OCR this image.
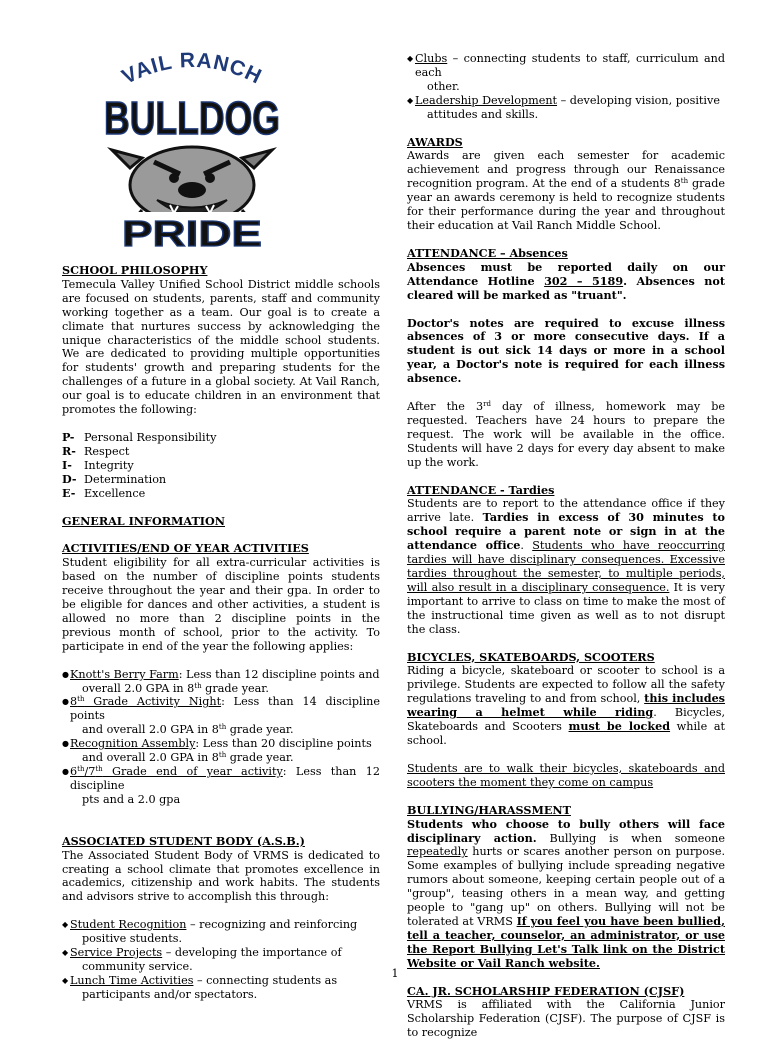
VAIL RANCH
BULLDOG
PRIDE
SCHOOL PHILOSOPHY

Temecula Valley Unified School District middle schools are focused on students, parents, staff and community working together as a team. Our goal is to create a climate that nurtures success by acknowledging the unique characteristics of the middle school students. We are dedicated to providing multiple opportunities for students' growth and preparing students for the challenges of a future in a global society. At Vail Ranch, our goal is to educate children in an environment that promotes the following:

P- Personal Responsibility
R- Respect
I-	Integrity
D- Determination
E- Excellence
GENERAL INFORMATION
ACTIVITIES/END OF YEAR ACTIVITIES

Student eligibility for all extra-curricular activities is based on the number of discipline points students receive throughout the year and their gpa. In order to be eligible for dances and other activities, a student is allowed no more than 2 discipline points in the previous month of school, prior to the activity. To participate in end of the year the following applies:

● Knott's Berry Farm: Less than 12 discipline points and
overall 2.0 GPA in 8th grade year.
● 8th Grade Activity Night: Less than 14 discipline points
and overall 2.0 GPA in 8th grade year.
● Recognition Assembly: Less than 20 discipline points
and overall 2.0 GPA in 8th grade year.
● 6th/7th Grade end of year activity: Less than 12 discipline
pts and a 2.0 gpa
ASSOCIATED STUDENT BODY (A.S.B.)

The Associated Student Body of VRMS is dedicated to creating a school climate that promotes excellence in academics, citizenship and work habits. The students and advisors strive to accomplish this through:

◆ Student Recognition – recognizing and reinforcing
positive students.
◆ Service Projects – developing the importance of
community service.
◆ Lunch Time Activities – connecting students as
participants and/or spectators.
◆ Clubs – connecting students to staff, curriculum and each
other.
◆ Leadership Development – developing vision, positive
attitudes and skills.
AWARDS

Awards are given each semester for academic achievement and progress through our Renaissance recognition program. At the end of a students 8th grade year an awards ceremony is held to recognize students for their performance during the year and throughout their education at Vail Ranch Middle School.

ATTENDANCE – Absences

Absences must be reported daily on our Attendance Hotline 302 – 5189. Absences not cleared will be marked as "truant".

Doctor's notes are required to excuse illness absences of 3 or more consecutive days. If a student is out sick 14 days or more in a school year, a Doctor's note is required for each illness absence.

After the 3rd day of illness, homework may be requested. Teachers have 24 hours to prepare the request. The work will be available in the office. Students will have 2 days for every day absent to make up the work.

ATTENDANCE - Tardies

Students are to report to the attendance office if they arrive late. Tardies in excess of 30 minutes to school require a parent note or sign in at the attendance office. Students who have reoccurring tardies will have disciplinary consequences. Excessive tardies throughout the semester, to multiple periods, will also result in a disciplinary consequence. It is very important to arrive to class on time to make the most of the instructional time given as well as to not disrupt the class.

BICYCLES, SKATEBOARDS, SCOOTERS

Riding a bicycle, skateboard or scooter to school is a privilege. Students are expected to follow all the safety regulations traveling to and from school, this includes wearing a helmet while riding. Bicycles, Skateboards and Scooters must be locked while at school.

Students are to walk their bicycles, skateboards and scooters the moment they come on campus

BULLYING/HARASSMENT

Students who choose to bully others will face disciplinary action. Bullying is when someone repeatedly hurts or scares another person on purpose. Some examples of bullying include spreading negative rumors about someone, keeping certain people out of a "group", teasing others in a mean way, and getting people to "gang up" on others. Bullying will not be tolerated at VRMS If you feel you have been bullied, tell a teacher, counselor, an administrator, or use the Report Bullying Let's Talk link on the District Website or Vail Ranch website.

CA. JR. SCHOLARSHIP FEDERATION (CJSF)

VRMS is affiliated with the California Junior Scholarship Federation (CJSF). The purpose of CJSF is to recognize

1
